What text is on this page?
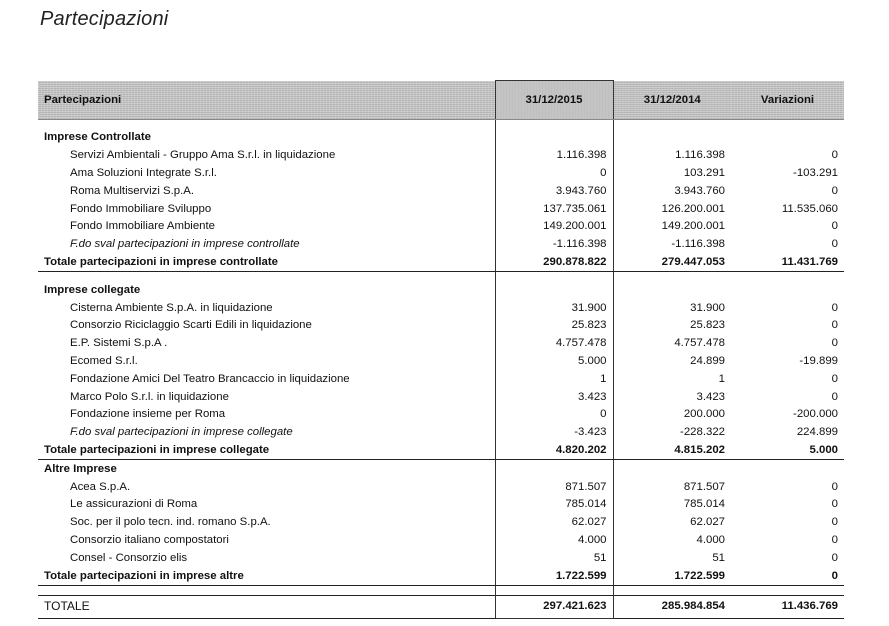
Partecipazioni
Partecipazioni	31/12/2015	31/12/2014	Variazioni

Imprese Controllate			
Servizi Ambientali - Gruppo Ama S.r.l. in liquidazione	1.116.398	1.116.398	0
Ama Soluzioni Integrate S.r.l.	0	103.291	-103.291
Roma Multiservizi S.p.A.	3.943.760	3.943.760	0
Fondo Immobiliare Sviluppo	137.735.061	126.200.001	11.535.060
Fondo Immobiliare Ambiente	149.200.001	149.200.001	0
F.do sval partecipazioni in imprese controllate	-1.116.398	-1.116.398	0
Totale partecipazioni in imprese controllate	290.878.822	279.447.053	11.431.769

Imprese collegate			
Cisterna Ambiente S.p.A. in liquidazione	31.900	31.900	0
Consorzio Riciclaggio Scarti Edili in liquidazione	25.823	25.823	0
E.P. Sistemi S.p.A .	4.757.478	4.757.478	0
Ecomed S.r.l.	5.000	24.899	-19.899
Fondazione Amici Del Teatro Brancaccio in liquidazione	1	1	0
Marco Polo S.r.l. in liquidazione	3.423	3.423	0
Fondazione insieme per Roma	0	200.000	-200.000
F.do sval partecipazioni in imprese collegate	-3.423	-228.322	224.899
Totale partecipazioni in imprese collegate	4.820.202	4.815.202	5.000
Altre Imprese			
Acea S.p.A.	871.507	871.507	0
Le assicurazioni di Roma	785.014	785.014	0
Soc. per il polo tecn. ind. romano S.p.A.	62.027	62.027	0
Consorzio italiano compostatori	4.000	4.000	0
Consel - Consorzio elis	51	51	0
Totale partecipazioni in imprese altre	1.722.599	1.722.599	0

TOTALE	297.421.623	285.984.854	11.436.769
